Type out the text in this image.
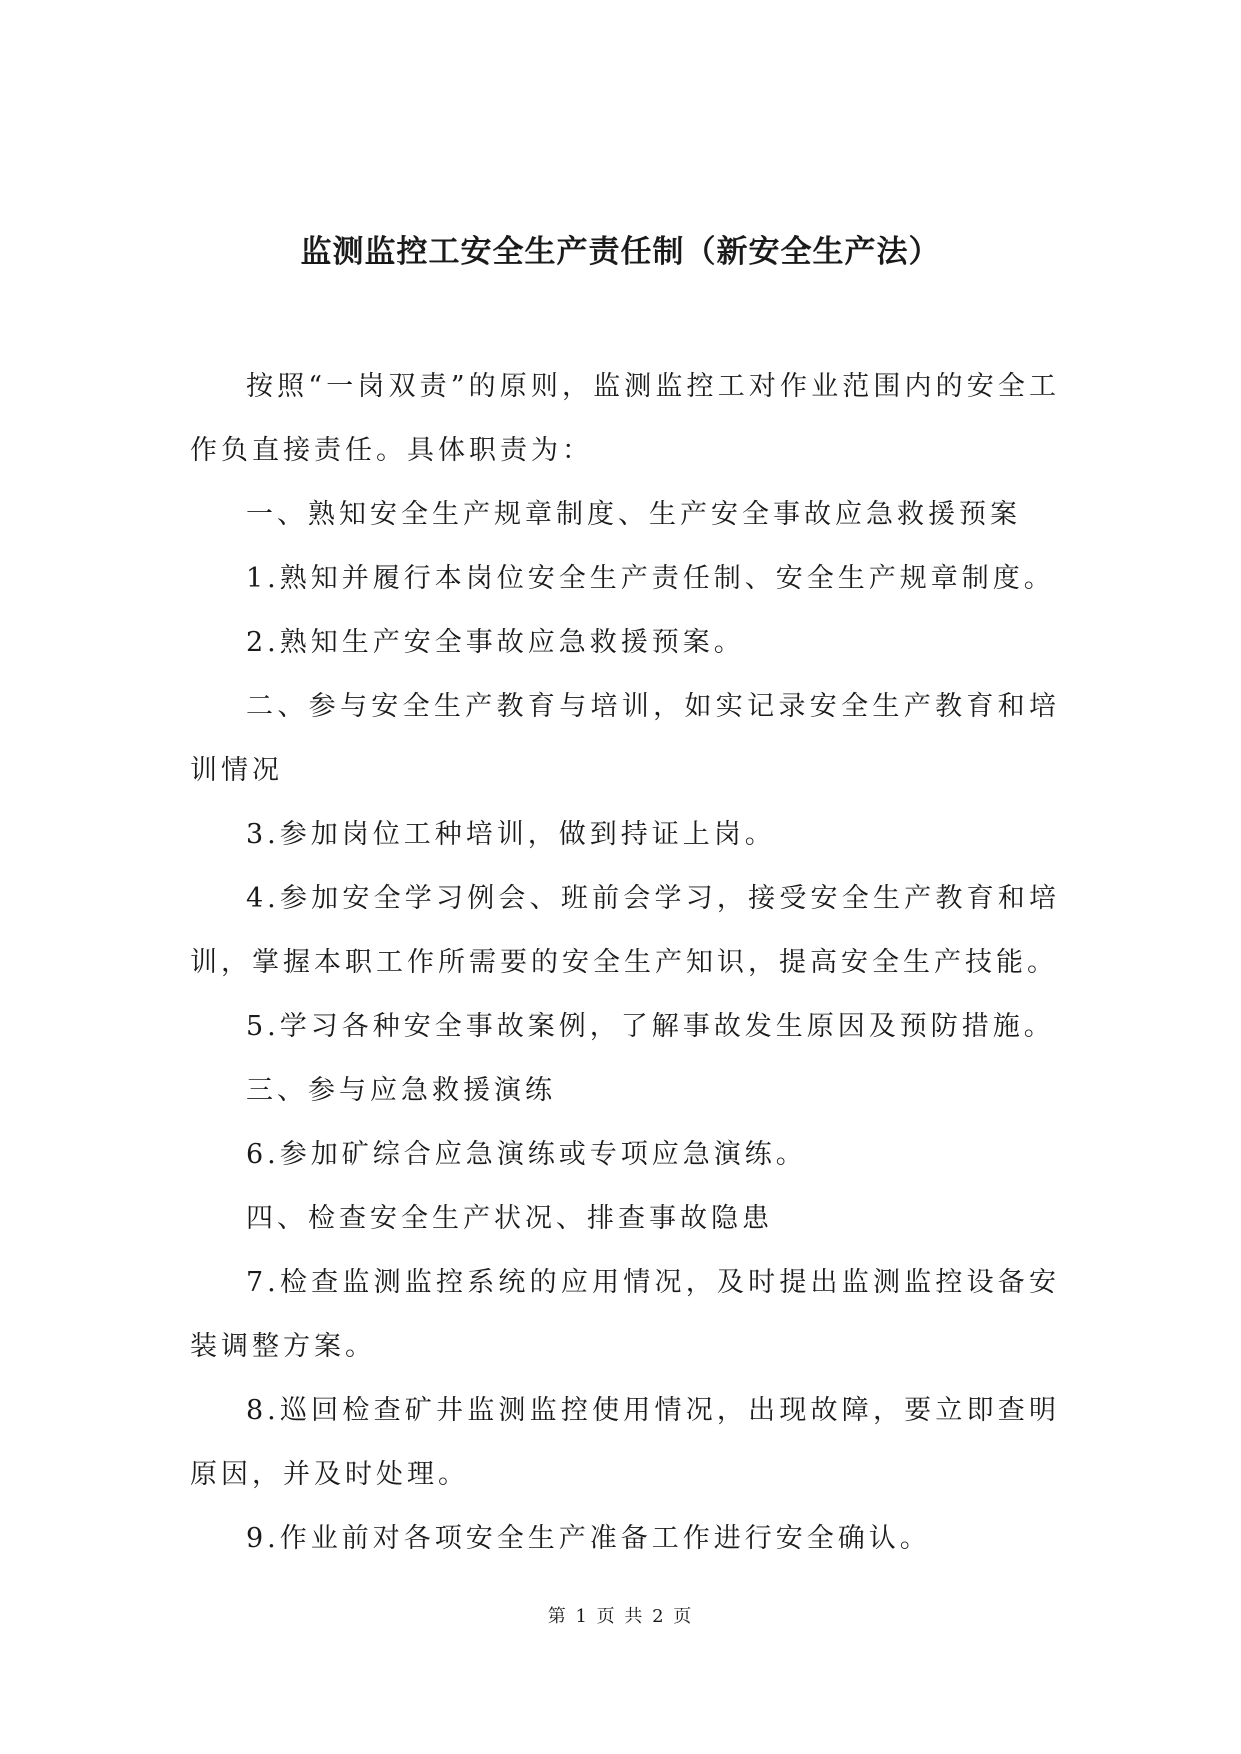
监测监控工安全生产责任制（新安全生产法）

按照“一岗双责”的原则，监测监控工对作业范围内的安全工作负直接责任。具体职责为：

一、熟知安全生产规章制度、生产安全事故应急救援预案

1.熟知并履行本岗位安全生产责任制、安全生产规章制度。

2.熟知生产安全事故应急救援预案。

二、参与安全生产教育与培训，如实记录安全生产教育和培训情况

3.参加岗位工种培训，做到持证上岗。

4.参加安全学习例会、班前会学习，接受安全生产教育和培训，掌握本职工作所需要的安全生产知识，提高安全生产技能。

5.学习各种安全事故案例，了解事故发生原因及预防措施。

三、参与应急救援演练

6.参加矿综合应急演练或专项应急演练。

四、检查安全生产状况、排查事故隐患

7.检查监测监控系统的应用情况，及时提出监测监控设备安装调整方案。

8.巡回检查矿井监测监控使用情况，出现故障，要立即查明原因，并及时处理。

9.作业前对各项安全生产准备工作进行安全确认。

第 1 页 共 2 页
